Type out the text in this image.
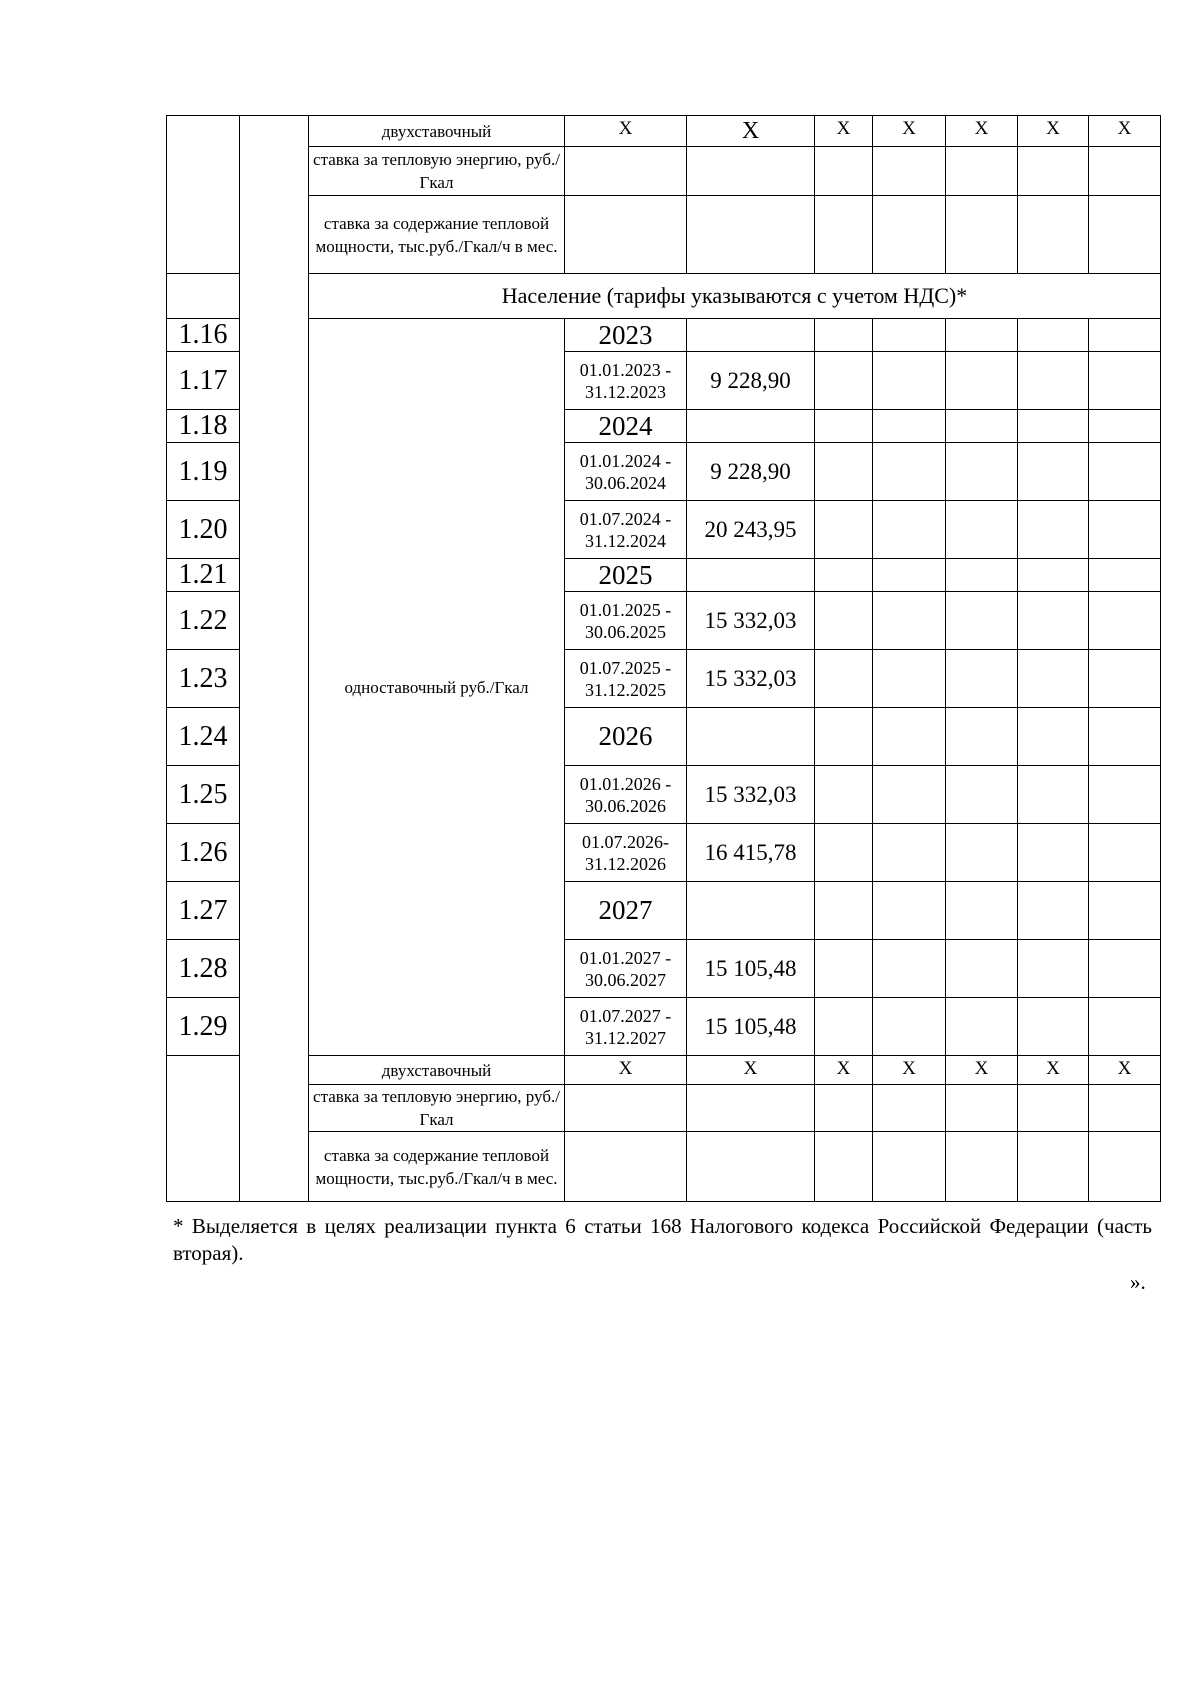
		двухставочный	X	X	X	X	X	X	X	
		ставка за тепловую энергию, руб./Гкал								
		ставка за содержание тепловой мощности, тыс.руб./Гкал/ч в мес.								
		Население (тарифы указываются с учетом НДС)*								
1.16		одноставочный руб./Гкал	2023							
1.17			01.01.2023 - 31.12.2023	9 228,90						
1.18			2024							
1.19			01.01.2024 - 30.06.2024	9 228,90						
1.20			01.07.2024 - 31.12.2024	20 243,95						
1.21			2025							
1.22			01.01.2025 - 30.06.2025	15 332,03						
1.23			01.07.2025 - 31.12.2025	15 332,03						
1.24			2026							
1.25			01.01.2026 - 30.06.2026	15 332,03						
1.26			01.07.2026- 31.12.2026	16 415,78						
1.27			2027							
1.28			01.01.2027 - 30.06.2027	15 105,48						
1.29			01.07.2027 - 31.12.2027	15 105,48						
		двухставочный	X	X	X	X	X	X	X	
		ставка за тепловую энергию, руб./Гкал								
		ставка за содержание тепловой мощности, тыс.руб./Гкал/ч в мес.								
* Выделяется в целях реализации пункта 6 статьи 168 Налогового кодекса Российской Федерации (часть вторая).
».
